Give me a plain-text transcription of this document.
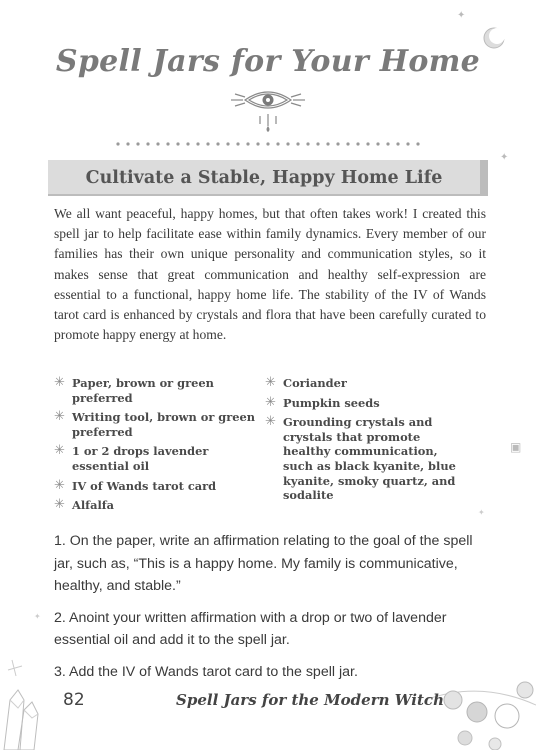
✦
✦
▣
✦
✦
Spell Jars for Your Home
Cultivate a Stable, Happy Home Life

We all want peaceful, happy homes, but that often takes work! I created this spell jar to help facilitate ease within family dynamics. Every member of our families has their own unique personality and communication styles, so it makes sense that great communication and healthy self-expression are essential to a functional, happy home life. The stability of the IV of Wands tarot card is enhanced by crystals and flora that have been carefully curated to promote happy energy at home.

✳ Paper, brown or green preferred
✳ Writing tool, brown or green preferred
✳ 1 or 2 drops lavender essential oil
✳ IV of Wands tarot card
✳ Alfalfa
✳ Coriander
✳ Pumpkin seeds
✳ Grounding crystals and crystals that promote healthy communication, such as black kyanite, blue kyanite, smoky quartz, and sodalite

1. On the paper, write an affirmation relating to the goal of the spell jar, such as, “This is a happy home. My family is communicative, healthy, and stable.”

2. Anoint your written affirmation with a drop or two of lavender essential oil and add it to the spell jar.

3. Add the IV of Wands tarot card to the spell jar.

82	Spell Jars for the Modern Witch
